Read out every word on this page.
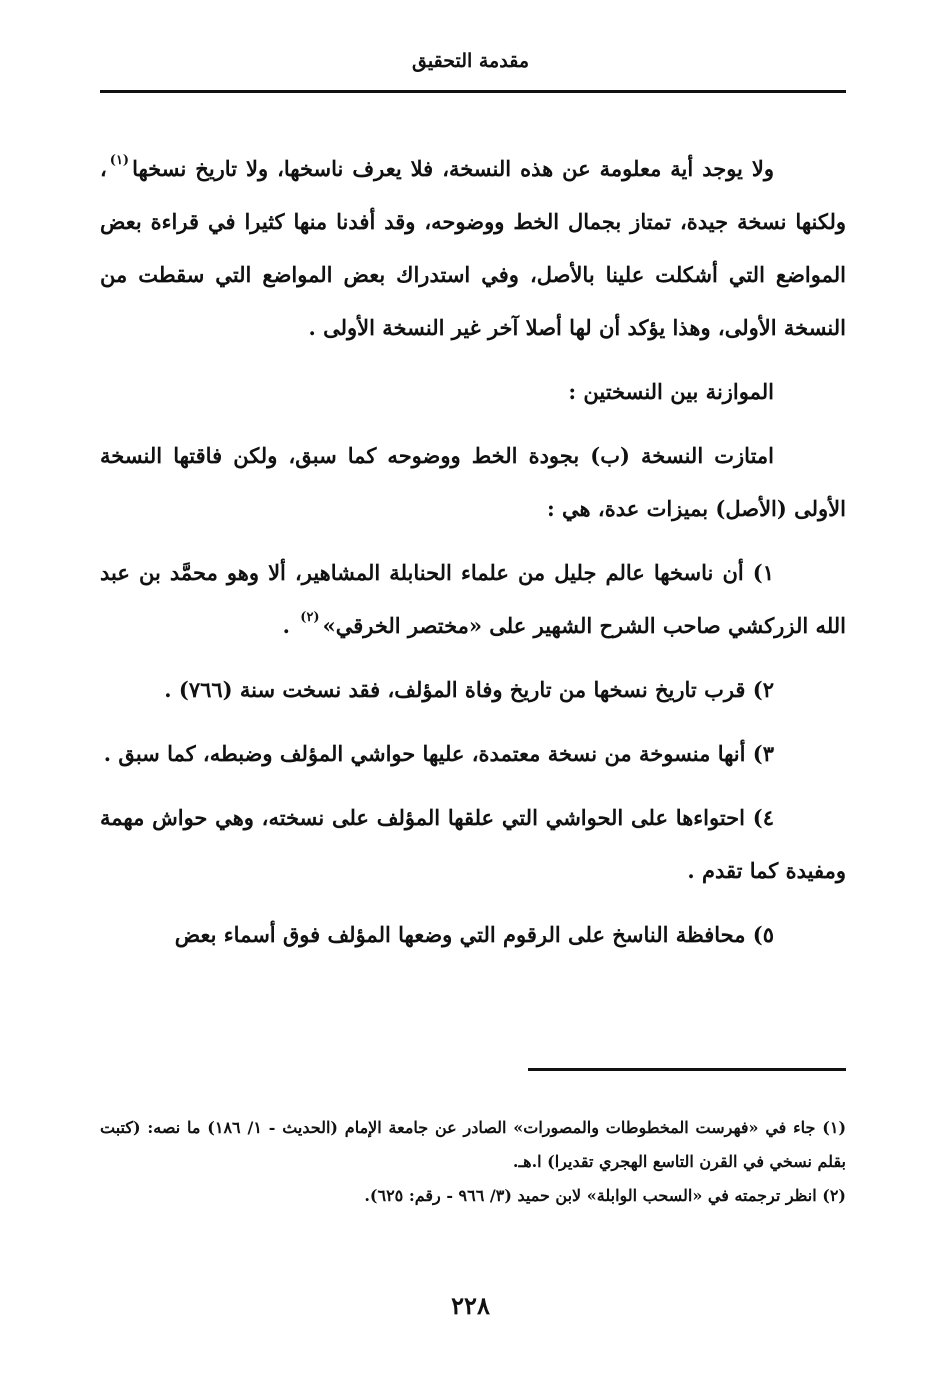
مقدمة التحقيق

ولا يوجد أية معلومة عن هذه النسخة، فلا يعرف ناسخها، ولا تاريخ نسخها$^{(١)}$، ولكنها نسخة جيدة، تمتاز بجمال الخط ووضوحه، وقد أفدنا منها كثيرا في قراءة بعض المواضع التي أشكلت علينا بالأصل، وفي استدراك بعض المواضع التي سقطت من النسخة الأولى، وهذا يؤكد أن لها أصلا آخر غير النسخة الأولى .

الموازنة بين النسختين :

امتازت النسخة (ب) بجودة الخط ووضوحه كما سبق، ولكن فاقتها النسخة الأولى (الأصل) بميزات عدة، هي :

١) أن ناسخها عالم جليل من علماء الحنابلة المشاهير، ألا وهو محمَّد بن عبد الله الزركشي صاحب الشرح الشهير على «مختصر الخرقي»$^{(٢)}$ .

٢) قرب تاريخ نسخها من تاريخ وفاة المؤلف، فقد نسخت سنة (٧٦٦) .

٣) أنها منسوخة من نسخة معتمدة، عليها حواشي المؤلف وضبطه، كما سبق .

٤) احتواءها على الحواشي التي علقها المؤلف على نسخته، وهي حواش مهمة ومفيدة كما تقدم .

٥) محافظة الناسخ على الرقوم التي وضعها المؤلف فوق أسماء بعض

(١) جاء في «فهرست المخطوطات والمصورات» الصادر عن جامعة الإمام (الحديث - ١/ ١٨٦) ما نصه: (كتبت بقلم نسخي في القرن التاسع الهجري تقديرا) ا.هـ.

(٢) انظر ترجمته في «السحب الوابلة» لابن حميد (٣/ ٩٦٦ - رقم: ٦٢٥).

٢٢٨
